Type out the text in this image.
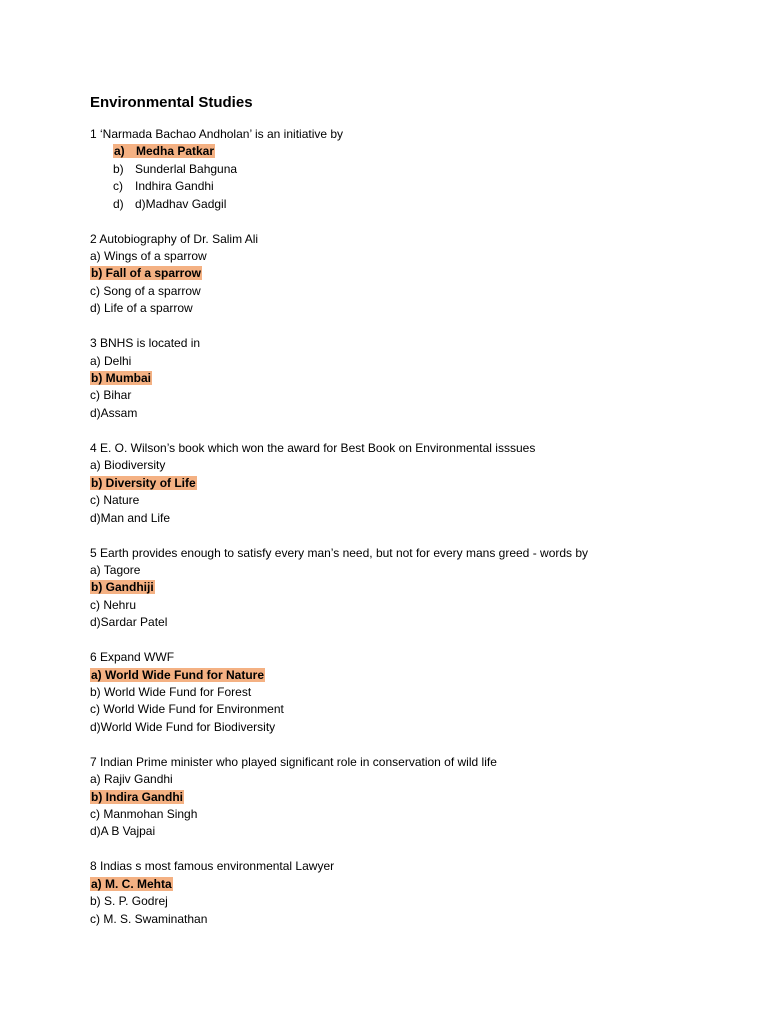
Environmental Studies
1 ‘Narmada Bachao Andholan’ is an initiative by
a) Medha Patkar
b) Sunderlal Bahguna
c) Indhira Gandhi
d) d)Madhav Gadgil
2 Autobiography of Dr. Salim Ali
a) Wings of a sparrow
b) Fall of a sparrow
c) Song of a sparrow
d) Life of a sparrow
3 BNHS is located in
a) Delhi
b) Mumbai
c) Bihar
d)Assam
4 E. O. Wilson’s book which won the award for Best Book on Environmental isssues
a) Biodiversity
b) Diversity of Life
c) Nature
d)Man and Life
5 Earth provides enough to satisfy every man’s need, but not for every mans greed - words by
a) Tagore
b) Gandhiji
c) Nehru
d)Sardar Patel
6 Expand WWF
a) World Wide Fund for Nature
b) World Wide Fund for Forest
c) World Wide Fund for Environment
d)World Wide Fund for Biodiversity
7 Indian Prime minister who played significant role in conservation of wild life
a) Rajiv Gandhi
b) Indira Gandhi
c) Manmohan Singh
d)A B Vajpai
8 Indias s most famous environmental Lawyer
a) M. C. Mehta
b) S. P. Godrej
c) M. S. Swaminathan
